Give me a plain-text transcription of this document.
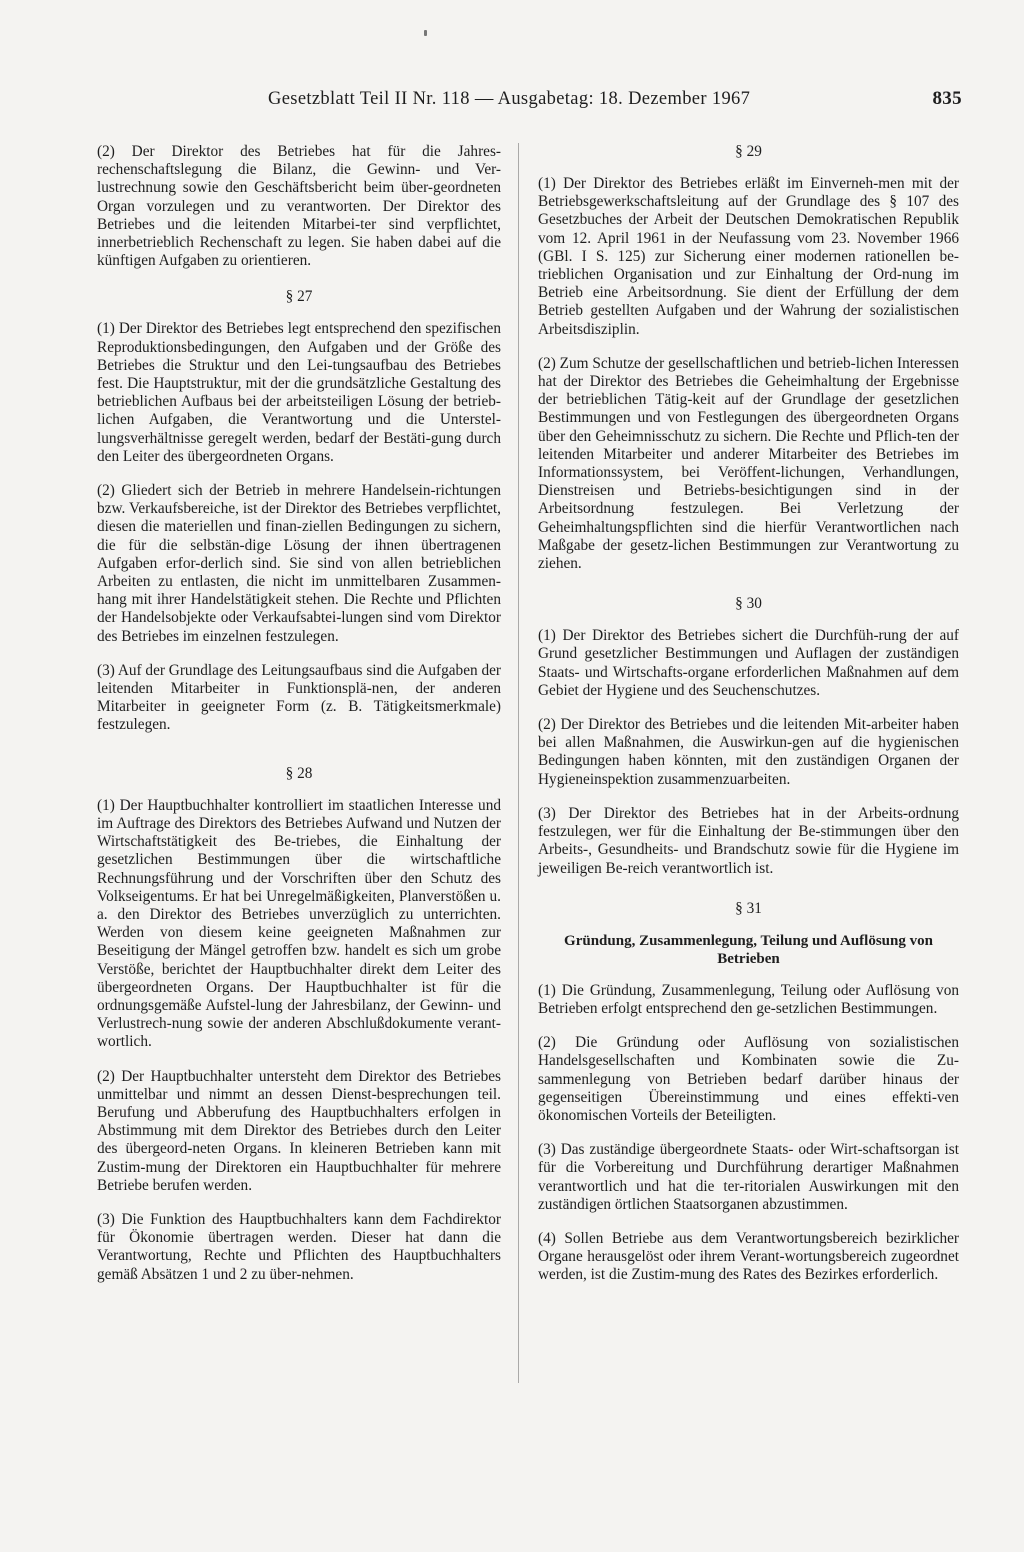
Gesetzblatt Teil II Nr. 118 — Ausgabetag: 18. Dezember 1967	835

(2) Der Direktor des Betriebes hat für die Jahres-rechenschaftslegung die Bilanz, die Gewinn- und Ver-lustrechnung sowie den Geschäftsbericht beim über-geordneten Organ vorzulegen und zu verantworten. Der Direktor des Betriebes und die leitenden Mitarbei-ter sind verpflichtet, innerbetrieblich Rechenschaft zu legen. Sie haben dabei auf die künftigen Aufgaben zu orientieren.

§ 27

(1) Der Direktor des Betriebes legt entsprechend den spezifischen Reproduktionsbedingungen, den Aufgaben und der Größe des Betriebes die Struktur und den Lei-tungsaufbau des Betriebes fest. Die Hauptstruktur, mit der die grundsätzliche Gestaltung des betrieblichen Aufbaus bei der arbeitsteiligen Lösung der betrieb-lichen Aufgaben, die Verantwortung und die Unterstel-lungsverhältnisse geregelt werden, bedarf der Bestäti-gung durch den Leiter des übergeordneten Organs.

(2) Gliedert sich der Betrieb in mehrere Handelsein-richtungen bzw. Verkaufsbereiche, ist der Direktor des Betriebes verpflichtet, diesen die materiellen und finan-ziellen Bedingungen zu sichern, die für die selbstän-dige Lösung der ihnen übertragenen Aufgaben erfor-derlich sind. Sie sind von allen betrieblichen Arbeiten zu entlasten, die nicht im unmittelbaren Zusammen-hang mit ihrer Handelstätigkeit stehen. Die Rechte und Pflichten der Handelsobjekte oder Verkaufsabtei-lungen sind vom Direktor des Betriebes im einzelnen festzulegen.

(3) Auf der Grundlage des Leitungsaufbaus sind die Aufgaben der leitenden Mitarbeiter in Funktionsplä-nen, der anderen Mitarbeiter in geeigneter Form (z. B. Tätigkeitsmerkmale) festzulegen.

§ 28

(1) Der Hauptbuchhalter kontrolliert im staatlichen Interesse und im Auftrage des Direktors des Betriebes Aufwand und Nutzen der Wirtschaftstätigkeit des Be-triebes, die Einhaltung der gesetzlichen Bestimmungen über die wirtschaftliche Rechnungsführung und der Vorschriften über den Schutz des Volkseigentums. Er hat bei Unregelmäßigkeiten, Planverstößen u. a. den Direktor des Betriebes unverzüglich zu unterrichten. Werden von diesem keine geeigneten Maßnahmen zur Beseitigung der Mängel getroffen bzw. handelt es sich um grobe Verstöße, berichtet der Hauptbuchhalter direkt dem Leiter des übergeordneten Organs. Der Hauptbuchhalter ist für die ordnungsgemäße Aufstel-lung der Jahresbilanz, der Gewinn- und Verlustrech-nung sowie der anderen Abschlußdokumente verant-wortlich.

(2) Der Hauptbuchhalter untersteht dem Direktor des Betriebes unmittelbar und nimmt an dessen Dienst-besprechungen teil. Berufung und Abberufung des Hauptbuchhalters erfolgen in Abstimmung mit dem Direktor des Betriebes durch den Leiter des übergeord-neten Organs. In kleineren Betrieben kann mit Zustim-mung der Direktoren ein Hauptbuchhalter für mehrere Betriebe berufen werden.

(3) Die Funktion des Hauptbuchhalters kann dem Fachdirektor für Ökonomie übertragen werden. Dieser hat dann die Verantwortung, Rechte und Pflichten des Hauptbuchhalters gemäß Absätzen 1 und 2 zu über-nehmen.

§ 29

(1) Der Direktor des Betriebes erläßt im Einverneh-men mit der Betriebsgewerkschaftsleitung auf der Grundlage des § 107 des Gesetzbuches der Arbeit der Deutschen Demokratischen Republik vom 12. April 1961 in der Neufassung vom 23. November 1966 (GBl. I S. 125) zur Sicherung einer modernen rationellen be-trieblichen Organisation und zur Einhaltung der Ord-nung im Betrieb eine Arbeitsordnung. Sie dient der Erfüllung der dem Betrieb gestellten Aufgaben und der Wahrung der sozialistischen Arbeitsdisziplin.

(2) Zum Schutze der gesellschaftlichen und betrieb-lichen Interessen hat der Direktor des Betriebes die Geheimhaltung der Ergebnisse der betrieblichen Tätig-keit auf der Grundlage der gesetzlichen Bestimmungen und von Festlegungen des übergeordneten Organs über den Geheimnisschutz zu sichern. Die Rechte und Pflich-ten der leitenden Mitarbeiter und anderer Mitarbeiter des Betriebes im Informationssystem, bei Veröffent-lichungen, Verhandlungen, Dienstreisen und Betriebs-besichtigungen sind in der Arbeitsordnung festzulegen. Bei Verletzung der Geheimhaltungspflichten sind die hierfür Verantwortlichen nach Maßgabe der gesetz-lichen Bestimmungen zur Verantwortung zu ziehen.

§ 30

(1) Der Direktor des Betriebes sichert die Durchfüh-rung der auf Grund gesetzlicher Bestimmungen und Auflagen der zuständigen Staats- und Wirtschafts-organe erforderlichen Maßnahmen auf dem Gebiet der Hygiene und des Seuchenschutzes.

(2) Der Direktor des Betriebes und die leitenden Mit-arbeiter haben bei allen Maßnahmen, die Auswirkun-gen auf die hygienischen Bedingungen haben könnten, mit den zuständigen Organen der Hygieneinspektion zusammenzuarbeiten.

(3) Der Direktor des Betriebes hat in der Arbeits-ordnung festzulegen, wer für die Einhaltung der Be-stimmungen über den Arbeits-, Gesundheits- und Brandschutz sowie für die Hygiene im jeweiligen Be-reich verantwortlich ist.

§ 31

Gründung, Zusammenlegung, Teilung und Auflösung von Betrieben

(1) Die Gründung, Zusammenlegung, Teilung oder Auflösung von Betrieben erfolgt entsprechend den ge-setzlichen Bestimmungen.

(2) Die Gründung oder Auflösung von sozialistischen Handelsgesellschaften und Kombinaten sowie die Zu-sammenlegung von Betrieben bedarf darüber hinaus der gegenseitigen Übereinstimmung und eines effekti-ven ökonomischen Vorteils der Beteiligten.

(3) Das zuständige übergeordnete Staats- oder Wirt-schaftsorgan ist für die Vorbereitung und Durchführung derartiger Maßnahmen verantwortlich und hat die ter-ritorialen Auswirkungen mit den zuständigen örtlichen Staatsorganen abzustimmen.

(4) Sollen Betriebe aus dem Verantwortungsbereich bezirklicher Organe herausgelöst oder ihrem Verant-wortungsbereich zugeordnet werden, ist die Zustim-mung des Rates des Bezirkes erforderlich.
